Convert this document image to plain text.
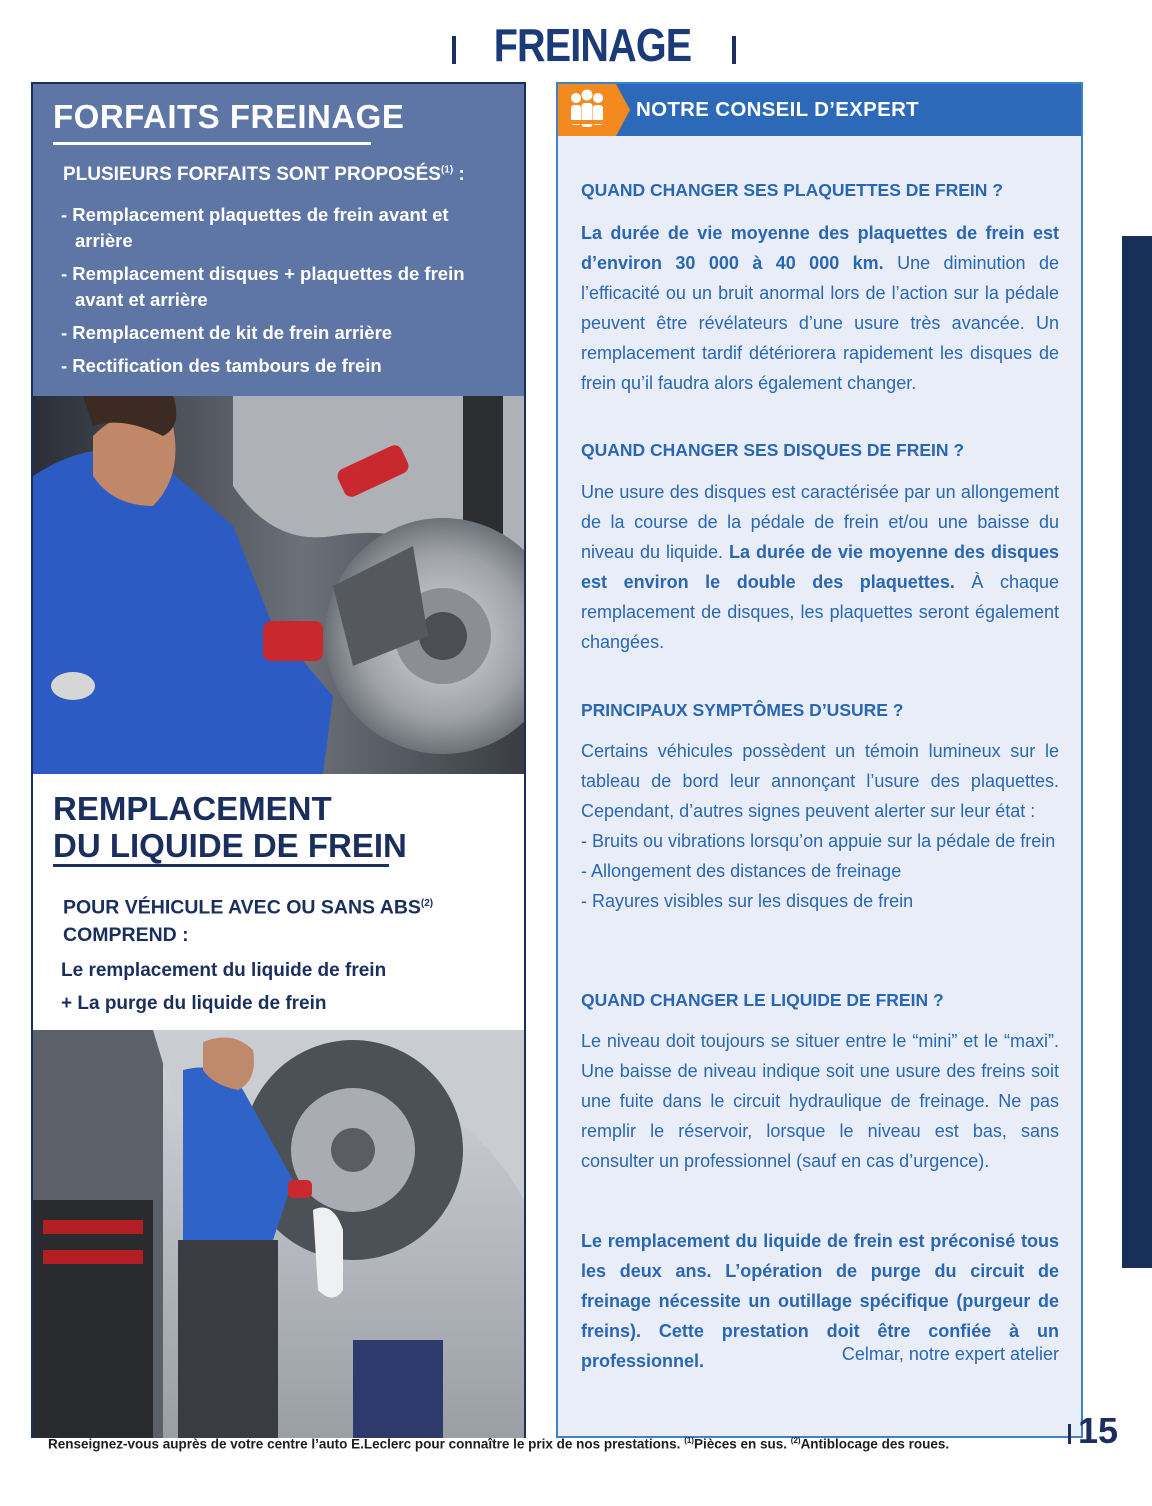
FREINAGE
FORFAITS FREINAGE
PLUSIEURS FORFAITS SONT PROPOSÉS$^{(1)}$ :
- Remplacement plaquettes de frein avant et arrière
- Remplacement disques + plaquettes de frein avant et arrière
- Remplacement de kit de frein arrière
- Rectification des tambours de frein
REMPLACEMENT
DU LIQUIDE DE FREIN
POUR VÉHICULE AVEC OU SANS ABS$^{(2)}$
COMPREND :
Le remplacement du liquide de frein
+ La purge du liquide de frein
NOTRE CONSEIL D’EXPERT
QUAND CHANGER SES PLAQUETTES DE FREIN ?
La durée de vie moyenne des plaquettes de frein est d’environ 30 000 à 40 000 km. Une diminution de l’efficacité ou un bruit anormal lors de l’action sur la pédale peuvent être révélateurs d’une usure très avancée. Un remplacement tardif détériorera rapidement les disques de frein qu’il faudra alors également changer.
QUAND CHANGER SES DISQUES DE FREIN ?
Une usure des disques est caractérisée par un allongement de la course de la pédale de frein et/ou une baisse du niveau du liquide. La durée de vie moyenne des disques est environ le double des plaquettes. À chaque remplacement de disques, les plaquettes seront également changées.
PRINCIPAUX SYMPTÔMES D’USURE ?
Certains véhicules possèdent un témoin lumineux sur le tableau de bord leur annonçant l’usure des plaquettes. Cependant, d’autres signes peuvent alerter sur leur état :
- Bruits ou vibrations lorsqu’on appuie sur la pédale de frein
- Allongement des distances de freinage
- Rayures visibles sur les disques de frein
QUAND CHANGER LE LIQUIDE DE FREIN ?
Le niveau doit toujours se situer entre le “mini” et le “maxi”. Une baisse de niveau indique soit une usure des freins soit une fuite dans le circuit hydraulique de freinage. Ne pas remplir le réservoir, lorsque le niveau est bas, sans consulter un professionnel (sauf en cas d’urgence).
Le remplacement du liquide de frein est préconisé tous les deux ans. L’opération de purge du circuit de freinage nécessite un outillage spécifique (purgeur de freins). Cette prestation doit être confiée à un professionnel.	Celmar, notre expert atelier
Renseignez-vous auprès de votre centre l’auto E.Leclerc pour connaître le prix de nos prestations. $^{(1)}$Pièces en sus. $^{(2)}$Antiblocage des roues.	15
